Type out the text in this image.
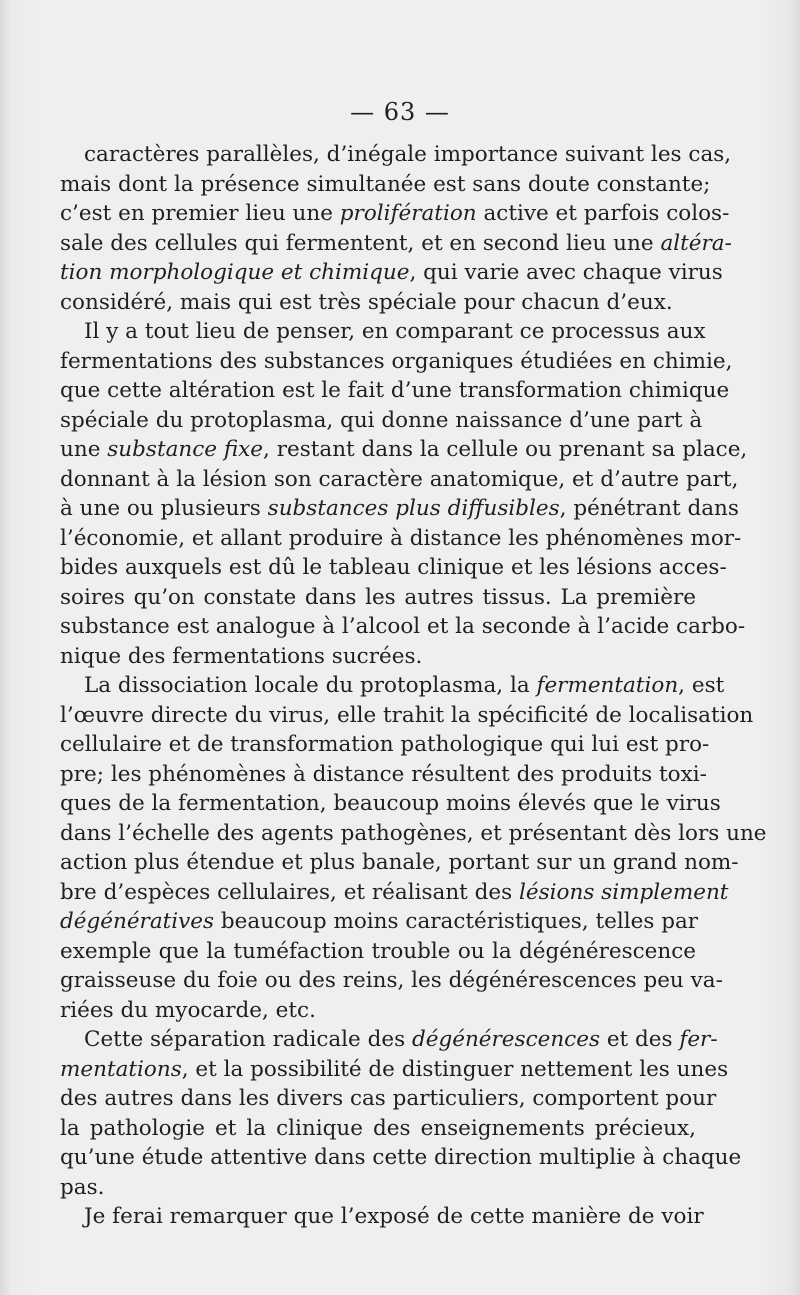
— 63 —
caractères parallèles, d’inégale importance suivant les cas,
mais dont la présence simultanée est sans doute constante;
c’est en premier lieu une prolifération active et parfois colos-
sale des cellules qui fermentent, et en second lieu une altéra-
tion morphologique et chimique, qui varie avec chaque virus
considéré, mais qui est très spéciale pour chacun d’eux.
Il y a tout lieu de penser, en comparant ce processus aux
fermentations des substances organiques étudiées en chimie,
que cette altération est le fait d’une transformation chimique
spéciale du protoplasma, qui donne naissance d’une part à
une substance fixe, restant dans la cellule ou prenant sa place,
donnant à la lésion son caractère anatomique, et d’autre part,
à une ou plusieurs substances plus diffusibles, pénétrant dans
l’économie, et allant produire à distance les phénomènes mor-
bides auxquels est dû le tableau clinique et les lésions acces-
soires qu’on constate dans les autres tissus. La première
substance est analogue à l’alcool et la seconde à l’acide carbo-
nique des fermentations sucrées.
La dissociation locale du protoplasma, la fermentation, est
l’œuvre directe du virus, elle trahit la spécificité de localisation
cellulaire et de transformation pathologique qui lui est pro-
pre; les phénomènes à distance résultent des produits toxi-
ques de la fermentation, beaucoup moins élevés que le virus
dans l’échelle des agents pathogènes, et présentant dès lors une
action plus étendue et plus banale, portant sur un grand nom-
bre d’espèces cellulaires, et réalisant des lésions simplement
dégénératives beaucoup moins caractéristiques, telles par
exemple que la tuméfaction trouble ou la dégénérescence
graisseuse du foie ou des reins, les dégénérescences peu va-
riées du myocarde, etc.
Cette séparation radicale des dégénérescences et des fer-
mentations, et la possibilité de distinguer nettement les unes
des autres dans les divers cas particuliers, comportent pour
la pathologie et la clinique des enseignements précieux,
qu’une étude attentive dans cette direction multiplie à chaque
pas.
Je ferai remarquer que l’exposé de cette manière de voir
